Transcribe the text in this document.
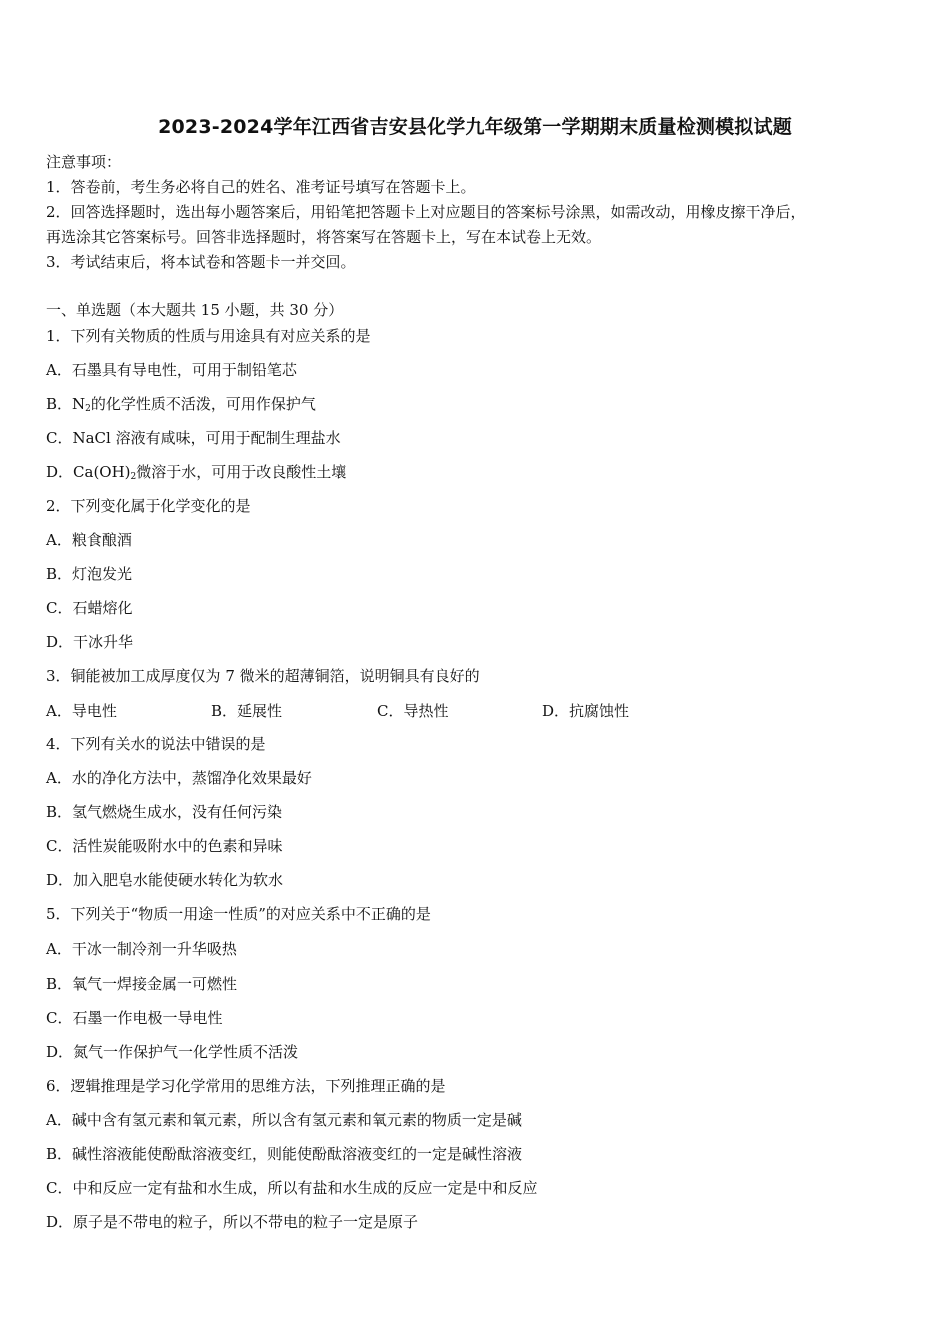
2023-2024学年江西省吉安县化学九年级第一学期期末质量检测模拟试题
注意事项：
1．答卷前，考生务必将自己的姓名、准考证号填写在答题卡上。
2．回答选择题时，选出每小题答案后，用铅笔把答题卡上对应题目的答案标号涂黑，如需改动，用橡皮擦干净后，
再选涂其它答案标号。回答非选择题时，将答案写在答题卡上，写在本试卷上无效。
3．考试结束后，将本试卷和答题卡一并交回。
一、单选题（本大题共 15 小题，共 30 分）
1．下列有关物质的性质与用途具有对应关系的是
A．石墨具有导电性，可用于制铅笔芯
B．$N_2$的化学性质不活泼，可用作保护气
C．NaCl 溶液有咸味，可用于配制生理盐水
D．$Ca(OH)_2$微溶于水，可用于改良酸性土壤
2．下列变化属于化学变化的是
A．粮食酿酒
B．灯泡发光
C．石蜡熔化
D．干冰升华
3．铜能被加工成厚度仅为 7 微米的超薄铜箔，说明铜具有良好的
A．导电性	B．延展性	C．导热性	D．抗腐蚀性
4．下列有关水的说法中错误的是
A．水的净化方法中，蒸馏净化效果最好
B．氢气燃烧生成水，没有任何污染
C．活性炭能吸附水中的色素和异味
D．加入肥皂水能使硬水转化为软水
5．下列关于“物质一用途一性质”的对应关系中不正确的是
A．干冰一制冷剂一升华吸热
B．氧气一焊接金属一可燃性
C．石墨一作电极一导电性
D．氮气一作保护气一化学性质不活泼
6．逻辑推理是学习化学常用的思维方法，下列推理正确的是
A．碱中含有氢元素和氧元素，所以含有氢元素和氧元素的物质一定是碱
B．碱性溶液能使酚酞溶液变红，则能使酚酞溶液变红的一定是碱性溶液
C．中和反应一定有盐和水生成，所以有盐和水生成的反应一定是中和反应
D．原子是不带电的粒子，所以不带电的粒子一定是原子
